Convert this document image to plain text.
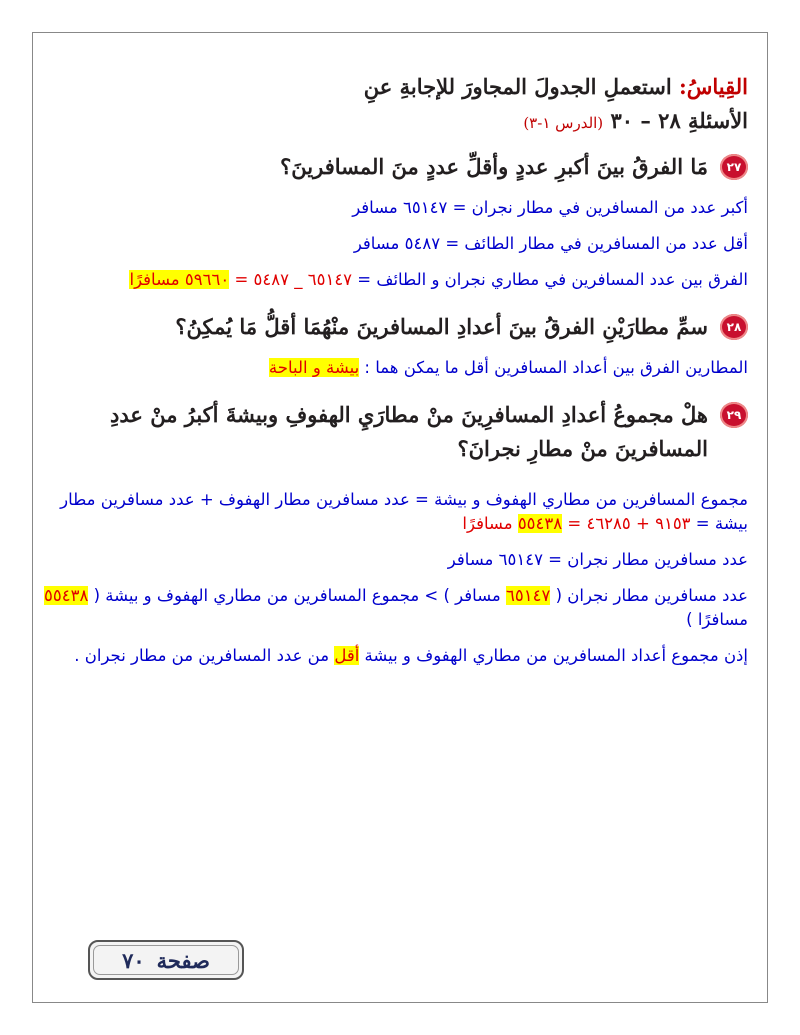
القِياسُ: استعملِ الجدولَ المجاورَ للإجابةِ عنِ
الأسئلةِ ٢٨ – ٣٠ (الدرس ١-٣)
٢٧
مَا الفرقُ بينَ أكبرِ عددٍ وأقلِّ عددٍ منَ المسافرينَ؟
أكبر عدد من المسافرين في مطار نجران = ٦٥١٤٧ مسافر
أقل عدد من المسافرين في مطار الطائف = ٥٤٨٧ مسافر
الفرق بين عدد المسافرين في مطاري نجران و الطائف = ٦٥١٤٧ _ ٥٤٨٧ = ٥٩٦٦٠ مسافرًا
٢٨
سمِّ مطارَيْنِ الفرقُ بينَ أعدادِ المسافرينَ منْهُمَا أقلُّ مَا يُمكِنُ؟
المطارين الفرق بين أعداد المسافرين أقل ما يمكن هما : بيشة و الباحة
٢٩
هلْ مجموعُ أعدادِ المسافرِينَ منْ مطارَيِ الهفوفِ وبيشةَ أكبرُ منْ عددِ المسافرينَ منْ مطارِ نجرانَ؟
مجموع المسافرين من مطاري الهفوف و بيشة = عدد مسافرين مطار الهفوف + عدد مسافرين مطار بيشة = ٩١٥٣ + ٤٦٢٨٥ = ٥٥٤٣٨ مسافرًا
عدد مسافرين مطار نجران = ٦٥١٤٧ مسافر
عدد مسافرين مطار نجران ( ٦٥١٤٧ مسافر ) > مجموع المسافرين من مطاري الهفوف و بيشة ( ٥٥٤٣٨ مسافرًا )
إذن مجموع أعداد المسافرين من مطاري الهفوف و بيشة أقل من عدد المسافرين من مطار نجران .
صفحة
٧٠
